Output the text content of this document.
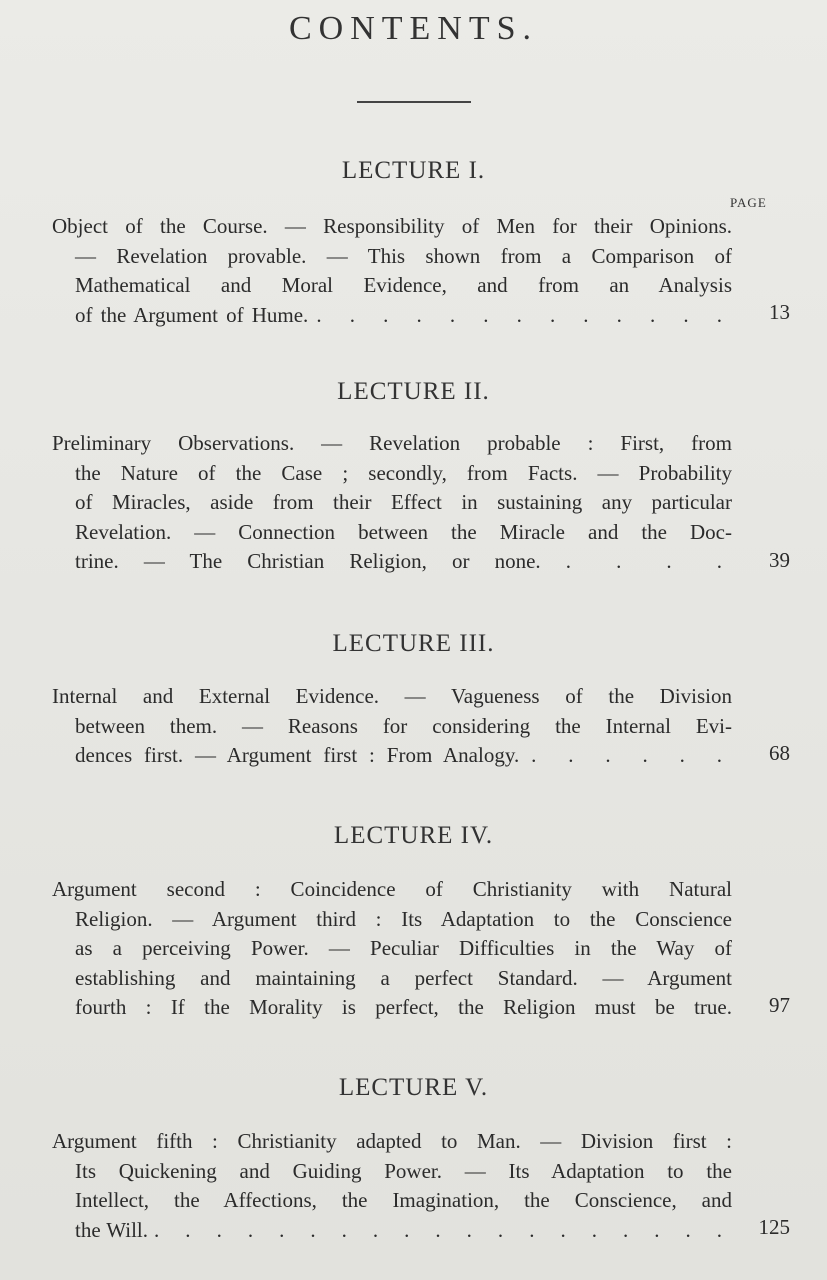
CONTENTS.
LECTURE I.
PAGE
Object of the Course. — Responsibility of Men for their Opinions.
— Revelation provable. — This shown from a Comparison of
Mathematical and Moral Evidence, and from an Analysis
of the Argument of Hume. . . . . . . . . . . . . .	13
LECTURE II.
Preliminary Observations. — Revelation probable : First, from
the Nature of the Case ; secondly, from Facts. — Probability
of Miracles, aside from their Effect in sustaining any particular
Revelation. — Connection between the Miracle and the Doc-
trine. — The Christian Religion, or none. . . . .	39
LECTURE III.
Internal and External Evidence. — Vagueness of the Division
between them. — Reasons for considering the Internal Evi-
dences first. — Argument first : From Analogy. . . . . . .	68
LECTURE IV.
Argument second : Coincidence of Christianity with Natural
Religion. — Argument third : Its Adaptation to the Conscience
as a perceiving Power. — Peculiar Difficulties in the Way of
establishing and maintaining a perfect Standard. — Argument
fourth : If the Morality is perfect, the Religion must be true.	97
LECTURE V.
Argument fifth : Christianity adapted to Man. — Division first :
Its Quickening and Guiding Power. — Its Adaptation to the
Intellect, the Affections, the Imagination, the Conscience, and
the Will. . . . . . . . . . . . . . . . . . . .	125
